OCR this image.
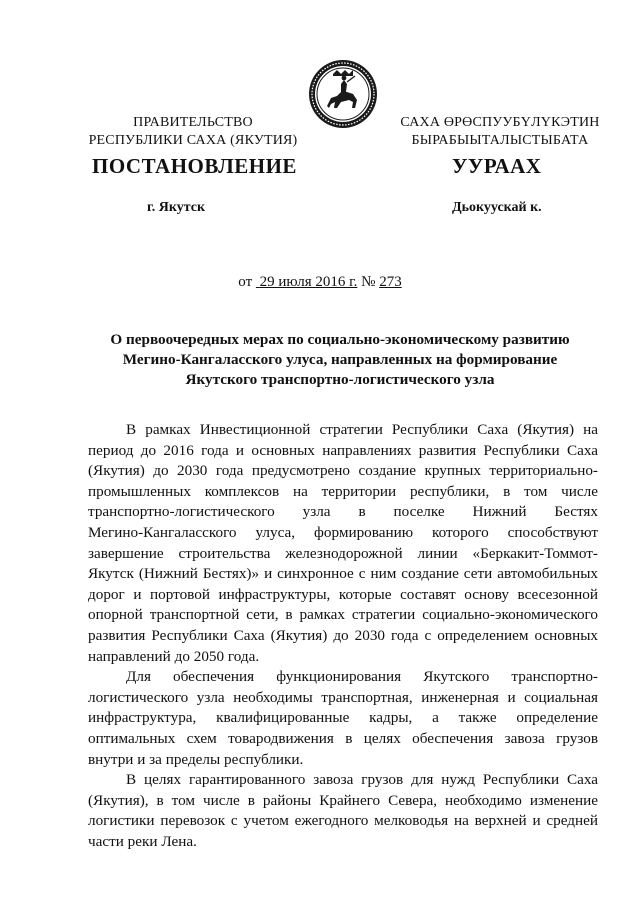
ПРАВИТЕЛЬСТВО
РЕСПУБЛИКИ САХА (ЯКУТИЯ)
САХА ӨРӨСПУУБҮЛҮКЭТИН
БЫРАБЫЫТАЛЫСТЫБАТА
ПОСТАНОВЛЕНИЕ	УУРААХ
г. Якутск	Дьокуускай к.
от 29 июля 2016 г. № 273
О первоочередных мерах по социально-экономическому развитию
Мегино-Кангаласского улуса, направленных на формирование
Якутского транспортно-логистического узла
В рамках Инвестиционной стратегии Республики Саха (Якутия) на
период до 2016 года и основных направлениях развития Республики Саха
(Якутия) до 2030 года предусмотрено создание крупных территориально-
промышленных комплексов на территории республики, в том числе
транспортно-логистического узла в поселке Нижний Бестях
Мегино-Кангаласского улуса, формированию которого способствуют
завершение строительства железнодорожной линии «Беркакит-Томмот-
Якутск (Нижний Бестях)» и синхронное с ним создание сети автомобильных
дорог и портовой инфраструктуры, которые составят основу всесезонной
опорной транспортной сети, в рамках стратегии социально-экономического
развития Республики Саха (Якутия) до 2030 года с определением основных
направлений до 2050 года.
Для обеспечения функционирования Якутского транспортно-
логистического узла необходимы транспортная, инженерная и социальная
инфраструктура, квалифицированные кадры, а также определение
оптимальных схем товародвижения в целях обеспечения завоза грузов
внутри и за пределы республики.
В целях гарантированного завоза грузов для нужд Республики Саха
(Якутия), в том числе в районы Крайнего Севера, необходимо изменение
логистики перевозок с учетом ежегодного мелководья на верхней и средней
части реки Лена.
